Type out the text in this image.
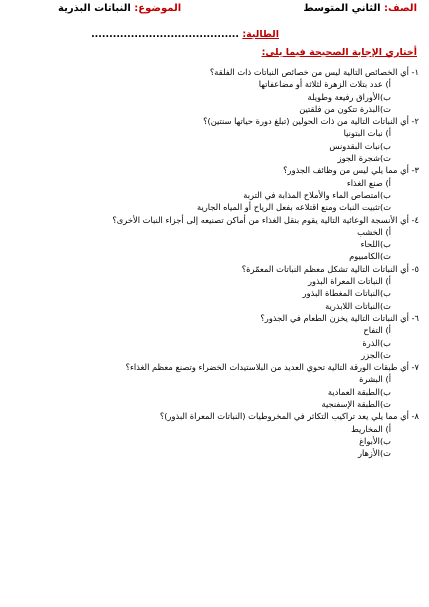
الصف: الثاني المتوسط
الموضوع: النباتات البذرية
الطالبة: .........................................
أختاري الإجابة الصحيحة فيما يلي:
١- أي الخصائص التالية ليس من خصائص النباتات ذات الفلقة؟
أ) عدد بتلات الزهرة لثلاثة أو مضاعفاتها
ب)الأوراق رفيعة وطويلة
ت)البذرة تتكون من فلقتين
٢- أي النباتات التالية من ذات الحولين (تبلغ دورة حياتها سنتين)؟
أ) نبات البتونيا
ب)نبات البقدونس
ت)شجرة الجوز
٣- أي مما يلي ليس من وظائف الجذور؟
أ) صنع الغذاء
ب)امتصاص الماء والأملاح المذابة في التربة
ت)تثبيت النبات ومنع اقتلاعه بفعل الرياح أو المياه الجارية
٤- أي الأنسجة الوعائية التالية يقوم بنقل الغذاء من أماكن تصنيعه إلى أجزاء النبات الأخرى؟
أ) الخشب
ب)اللحاء
ت)الكامبيوم
٥- أي النباتات التالية تشكل معظم النباتات المعمّرة؟
أ) النباتات المعراة البذور
ب)النباتات المغطاة البذور
ت)النباتات اللابذرية
٦- أي النباتات التالية يخزن الطعام في الجذور؟
أ) التفاح
ب)الذرة
ت)الجزر
٧- أي طبقات الورقة التالية تحوي العديد من البلاستيدات الخضراء وتصنع معظم الغذاء؟
أ) البشرة
ب)الطبقة العمادية
ت)الطبقة الإسفنجية
٨- أي مما يلي يعد تراكيب التكاثر في المخروطيات (النباتات المعراة البذور)؟
أ) المخاريط
ب)الأبواغ
ت)الأزهار
